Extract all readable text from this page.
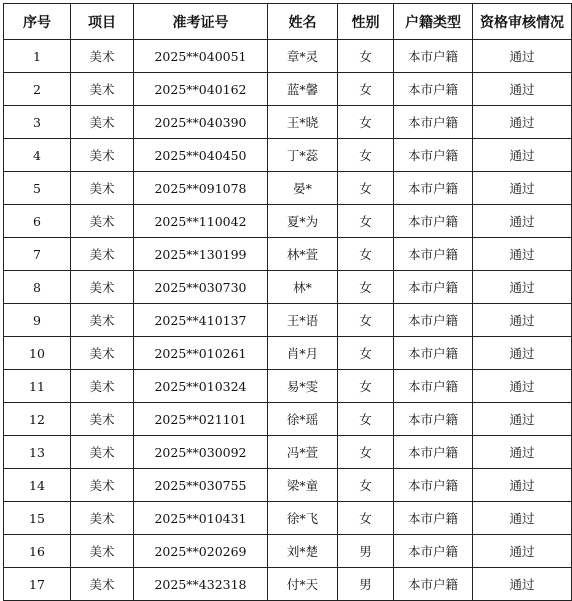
序号	项目	准考证号	姓名	性别	户籍类型	资格审核情况
1	美术	2025**040051	章*灵	女	本市户籍	通过
2	美术	2025**040162	蓝*馨	女	本市户籍	通过
3	美术	2025**040390	王*晓	女	本市户籍	通过
4	美术	2025**040450	丁*蕊	女	本市户籍	通过
5	美术	2025**091078	晏*	女	本市户籍	通过
6	美术	2025**110042	夏*为	女	本市户籍	通过
7	美术	2025**130199	林*萱	女	本市户籍	通过
8	美术	2025**030730	林*	女	本市户籍	通过
9	美术	2025**410137	王*语	女	本市户籍	通过
10	美术	2025**010261	肖*月	女	本市户籍	通过
11	美术	2025**010324	易*雯	女	本市户籍	通过
12	美术	2025**021101	徐*瑶	女	本市户籍	通过
13	美术	2025**030092	冯*萱	女	本市户籍	通过
14	美术	2025**030755	梁*童	女	本市户籍	通过
15	美术	2025**010431	徐*飞	女	本市户籍	通过
16	美术	2025**020269	刘*楚	男	本市户籍	通过
17	美术	2025**432318	付*天	男	本市户籍	通过
